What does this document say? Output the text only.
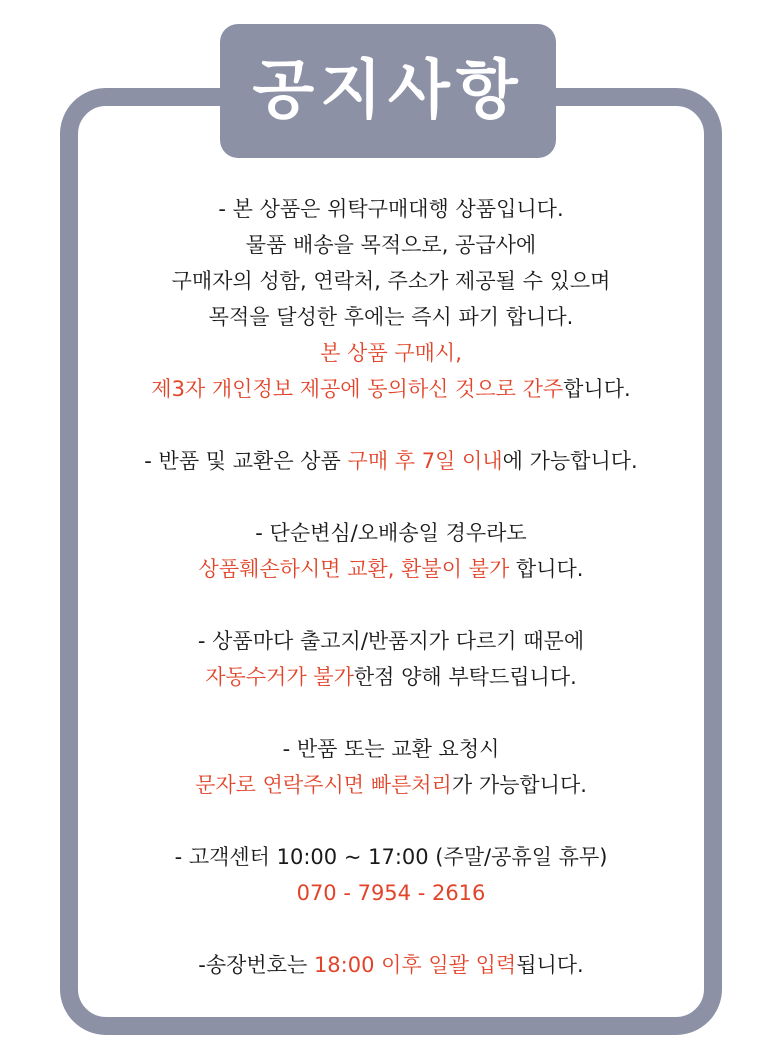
공지사항
- 본 상품은 위탁구매대행 상품입니다.
물품 배송을 목적으로, 공급사에
구매자의 성함, 연락처, 주소가 제공될 수 있으며
목적을 달성한 후에는 즉시 파기 합니다.
본 상품 구매시,
제3자 개인정보 제공에 동의하신 것으로 간주합니다.
- 반품 및 교환은 상품 구매 후 7일 이내에 가능합니다.
- 단순변심/오배송일 경우라도
상품훼손하시면 교환, 환불이 불가 합니다.
- 상품마다 출고지/반품지가 다르기 때문에
자동수거가 불가한점 양해 부탁드립니다.
- 반품 또는 교환 요청시
문자로 연락주시면 빠른처리가 가능합니다.
- 고객센터 10:00 ~ 17:00 (주말/공휴일 휴무)
070 - 7954 - 2616
-송장번호는 18:00 이후 일괄 입력됩니다.
